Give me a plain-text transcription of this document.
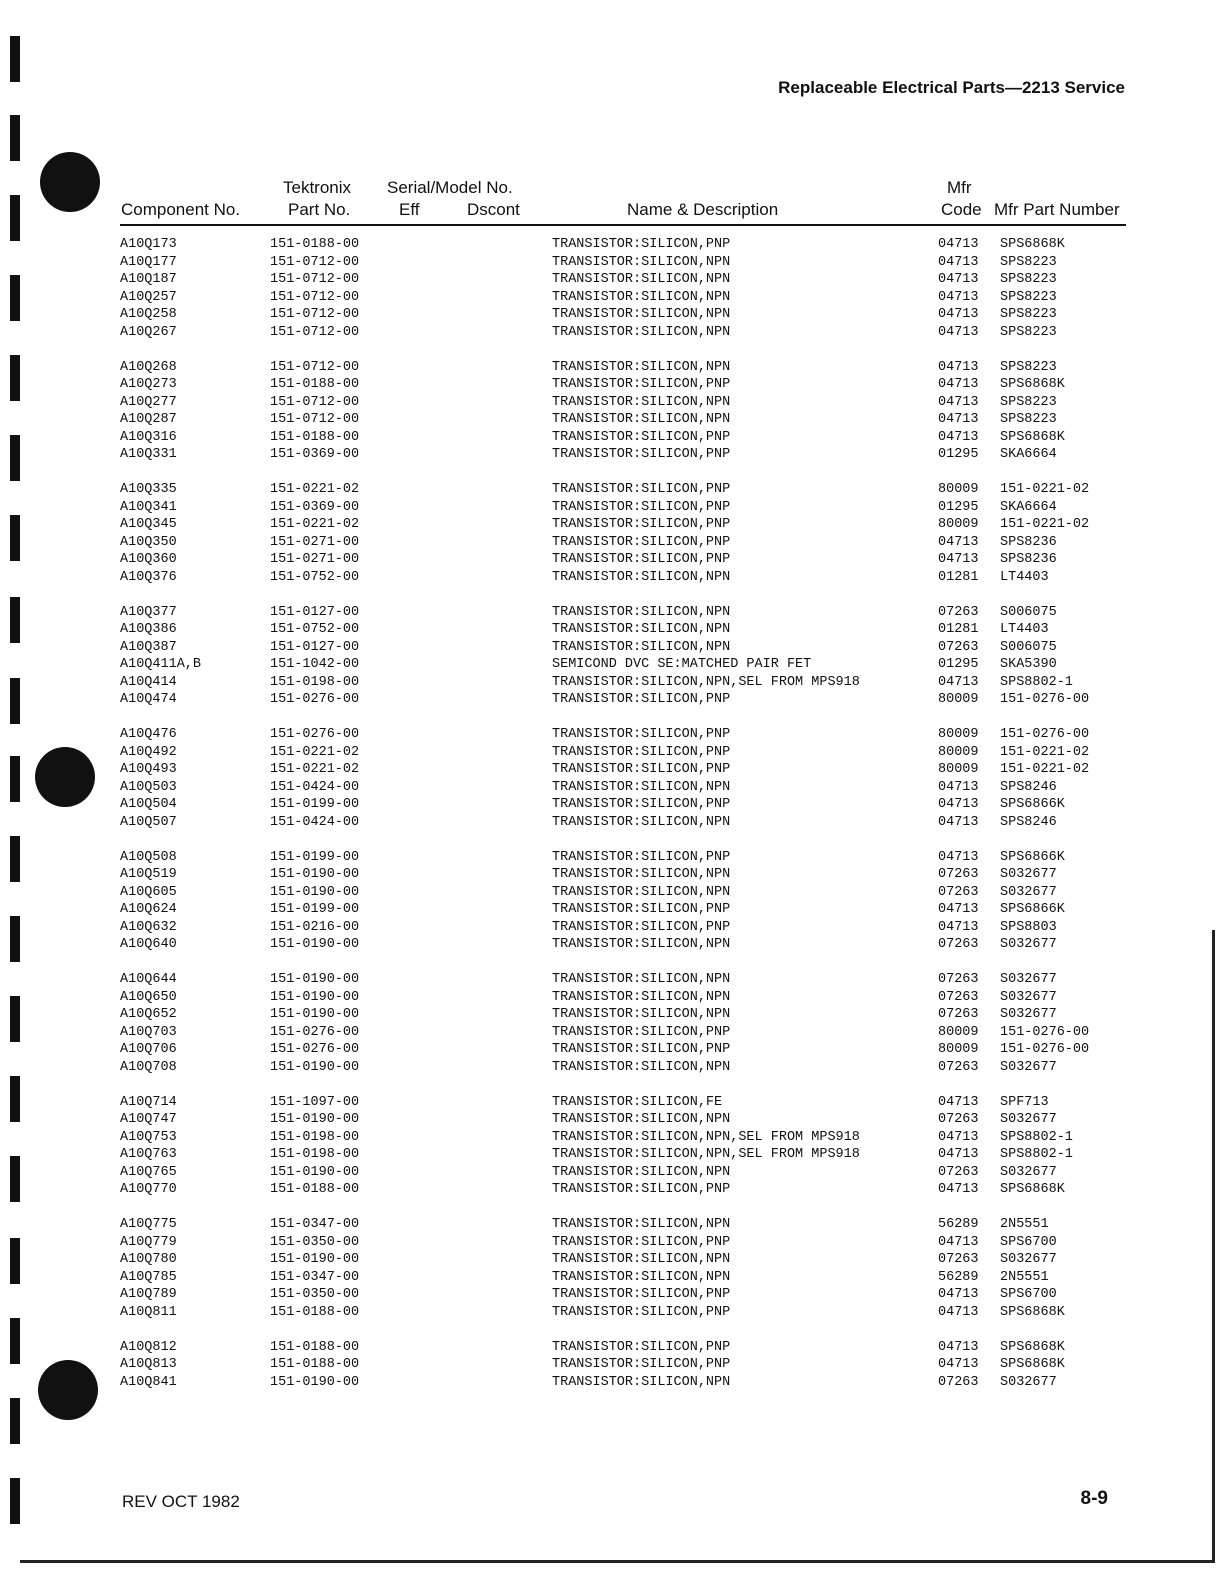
Replaceable Electrical Parts—2213 Service
Component No.
Tektronix
Part No.
Serial/Model No.
Eff	Dscont	Name & Description
Mfr
Code Mfr Part Number
A10Q173	151-0188-00	TRANSISTOR:SILICON,PNP	04713 SPS6868K
A10Q177	151-0712-00	TRANSISTOR:SILICON,NPN	04713 SPS8223
A10Q187	151-0712-00	TRANSISTOR:SILICON,NPN	04713 SPS8223
A10Q257	151-0712-00	TRANSISTOR:SILICON,NPN	04713 SPS8223
A10Q258	151-0712-00	TRANSISTOR:SILICON,NPN	04713 SPS8223
A10Q267	151-0712-00	TRANSISTOR:SILICON,NPN	04713 SPS8223
A10Q268	151-0712-00	TRANSISTOR:SILICON,NPN	04713 SPS8223
A10Q273	151-0188-00	TRANSISTOR:SILICON,PNP	04713 SPS6868K
A10Q277	151-0712-00	TRANSISTOR:SILICON,NPN	04713 SPS8223
A10Q287	151-0712-00	TRANSISTOR:SILICON,NPN	04713 SPS8223
A10Q316	151-0188-00	TRANSISTOR:SILICON,PNP	04713 SPS6868K
A10Q331	151-0369-00	TRANSISTOR:SILICON,PNP	01295 SKA6664
A10Q335	151-0221-02	TRANSISTOR:SILICON,PNP	80009 151-0221-02
A10Q341	151-0369-00	TRANSISTOR:SILICON,PNP	01295 SKA6664
A10Q345	151-0221-02	TRANSISTOR:SILICON,PNP	80009 151-0221-02
A10Q350	151-0271-00	TRANSISTOR:SILICON,PNP	04713 SPS8236
A10Q360	151-0271-00	TRANSISTOR:SILICON,PNP	04713 SPS8236
A10Q376	151-0752-00	TRANSISTOR:SILICON,NPN	01281 LT4403
A10Q377	151-0127-00	TRANSISTOR:SILICON,NPN	07263 S006075
A10Q386	151-0752-00	TRANSISTOR:SILICON,NPN	01281 LT4403
A10Q387	151-0127-00	TRANSISTOR:SILICON,NPN	07263 S006075
A10Q411A,B	151-1042-00	SEMICOND DVC SE:MATCHED PAIR FET	01295 SKA5390
A10Q414	151-0198-00	TRANSISTOR:SILICON,NPN,SEL FROM MPS918	04713 SPS8802-1
A10Q474	151-0276-00	TRANSISTOR:SILICON,PNP	80009 151-0276-00
A10Q476	151-0276-00	TRANSISTOR:SILICON,PNP	80009 151-0276-00
A10Q492	151-0221-02	TRANSISTOR:SILICON,PNP	80009 151-0221-02
A10Q493	151-0221-02	TRANSISTOR:SILICON,PNP	80009 151-0221-02
A10Q503	151-0424-00	TRANSISTOR:SILICON,NPN	04713 SPS8246
A10Q504	151-0199-00	TRANSISTOR:SILICON,PNP	04713 SPS6866K
A10Q507	151-0424-00	TRANSISTOR:SILICON,NPN	04713 SPS8246
A10Q508	151-0199-00	TRANSISTOR:SILICON,PNP	04713 SPS6866K
A10Q519	151-0190-00	TRANSISTOR:SILICON,NPN	07263 S032677
A10Q605	151-0190-00	TRANSISTOR:SILICON,NPN	07263 S032677
A10Q624	151-0199-00	TRANSISTOR:SILICON,PNP	04713 SPS6866K
A10Q632	151-0216-00	TRANSISTOR:SILICON,PNP	04713 SPS8803
A10Q640	151-0190-00	TRANSISTOR:SILICON,NPN	07263 S032677
A10Q644	151-0190-00	TRANSISTOR:SILICON,NPN	07263 S032677
A10Q650	151-0190-00	TRANSISTOR:SILICON,NPN	07263 S032677
A10Q652	151-0190-00	TRANSISTOR:SILICON,NPN	07263 S032677
A10Q703	151-0276-00	TRANSISTOR:SILICON,PNP	80009 151-0276-00
A10Q706	151-0276-00	TRANSISTOR:SILICON,PNP	80009 151-0276-00
A10Q708	151-0190-00	TRANSISTOR:SILICON,NPN	07263 S032677
A10Q714	151-1097-00	TRANSISTOR:SILICON,FE	04713 SPF713
A10Q747	151-0190-00	TRANSISTOR:SILICON,NPN	07263 S032677
A10Q753	151-0198-00	TRANSISTOR:SILICON,NPN,SEL FROM MPS918	04713 SPS8802-1
A10Q763	151-0198-00	TRANSISTOR:SILICON,NPN,SEL FROM MPS918	04713 SPS8802-1
A10Q765	151-0190-00	TRANSISTOR:SILICON,NPN	07263 S032677
A10Q770	151-0188-00	TRANSISTOR:SILICON,PNP	04713 SPS6868K
A10Q775	151-0347-00	TRANSISTOR:SILICON,NPN	56289 2N5551
A10Q779	151-0350-00	TRANSISTOR:SILICON,PNP	04713 SPS6700
A10Q780	151-0190-00	TRANSISTOR:SILICON,NPN	07263 S032677
A10Q785	151-0347-00	TRANSISTOR:SILICON,NPN	56289 2N5551
A10Q789	151-0350-00	TRANSISTOR:SILICON,PNP	04713 SPS6700
A10Q811	151-0188-00	TRANSISTOR:SILICON,PNP	04713 SPS6868K
A10Q812	151-0188-00	TRANSISTOR:SILICON,PNP	04713 SPS6868K
A10Q813	151-0188-00	TRANSISTOR:SILICON,PNP	04713 SPS6868K
A10Q841	151-0190-00	TRANSISTOR:SILICON,NPN	07263 S032677
REV OCT 1982	8-9
